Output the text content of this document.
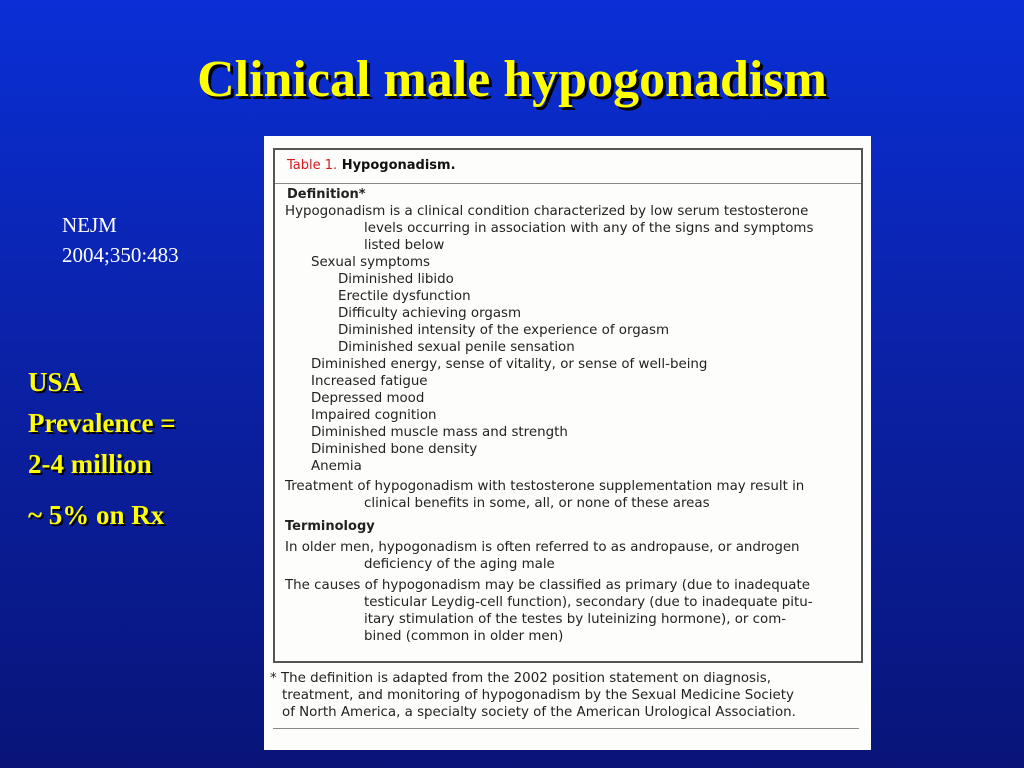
Clinical male hypogonadism
NEJM
2004;350:483
USA
Prevalence =
2-4 million
~ 5% on Rx
Table 1. Hypogonadism.
Definition*
Hypogonadism is a clinical condition characterized by low serum testosterone
levels occurring in association with any of the signs and symptoms
listed below
Sexual symptoms
Diminished libido
Erectile dysfunction
Difficulty achieving orgasm
Diminished intensity of the experience of orgasm
Diminished sexual penile sensation
Diminished energy, sense of vitality, or sense of well-being
Increased fatigue
Depressed mood
Impaired cognition
Diminished muscle mass and strength
Diminished bone density
Anemia
Treatment of hypogonadism with testosterone supplementation may result in
clinical benefits in some, all, or none of these areas
Terminology
In older men, hypogonadism is often referred to as andropause, or androgen
deficiency of the aging male
The causes of hypogonadism may be classified as primary (due to inadequate
testicular Leydig-cell function), secondary (due to inadequate pitu-
itary stimulation of the testes by luteinizing hormone), or com-
bined (common in older men)
* The definition is adapted from the 2002 position statement on diagnosis,
treatment, and monitoring of hypogonadism by the Sexual Medicine Society
of North America, a specialty society of the American Urological Association.
